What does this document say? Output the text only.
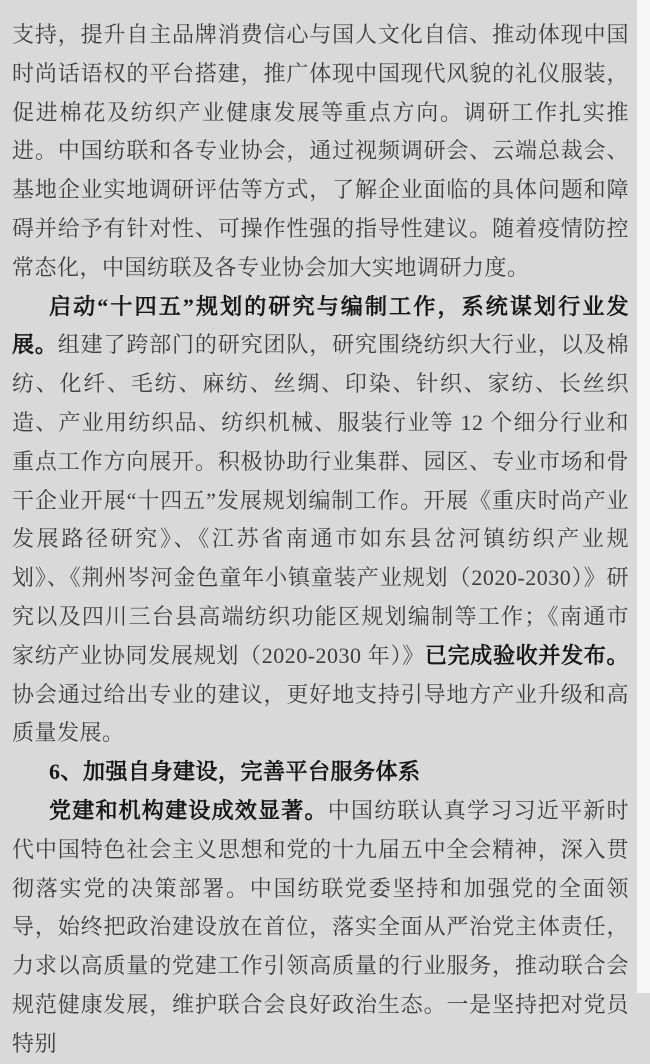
支持，提升自主品牌消费信心与国人文化自信、推动体现中国时尚话语权的平台搭建，推广体现中国现代风貌的礼仪服装，促进棉花及纺织产业健康发展等重点方向。调研工作扎实推进。中国纺联和各专业协会，通过视频调研会、云端总裁会、基地企业实地调研评估等方式，了解企业面临的具体问题和障碍并给予有针对性、可操作性强的指导性建议。随着疫情防控常态化，中国纺联及各专业协会加大实地调研力度。

启动“十四五”规划的研究与编制工作，系统谋划行业发展。组建了跨部门的研究团队，研究围绕纺织大行业，以及棉纺、化纤、毛纺、麻纺、丝绸、印染、针织、家纺、长丝织造、产业用纺织品、纺织机械、服装行业等 12 个细分行业和重点工作方向展开。积极协助行业集群、园区、专业市场和骨干企业开展“十四五”发展规划编制工作。开展《重庆时尚产业发展路径研究》、《江苏省南通市如东县岔河镇纺织产业规划》、《荆州岑河金色童年小镇童装产业规划（2020-2030）》研究以及四川三台县高端纺织功能区规划编制等工作；《南通市家纺产业协同发展规划（2020-2030 年）》已完成验收并发布。协会通过给出专业的建议，更好地支持引导地方产业升级和高质量发展。

6、加强自身建设，完善平台服务体系

党建和机构建设成效显著。中国纺联认真学习习近平新时代中国特色社会主义思想和党的十九届五中全会精神，深入贯彻落实党的决策部署。中国纺联党委坚持和加强党的全面领导，始终把政治建设放在首位，落实全面从严治党主体责任，力求以高质量的党建工作引领高质量的行业服务，推动联合会规范健康发展，维护联合会良好政治生态。一是坚持把对党员特别
